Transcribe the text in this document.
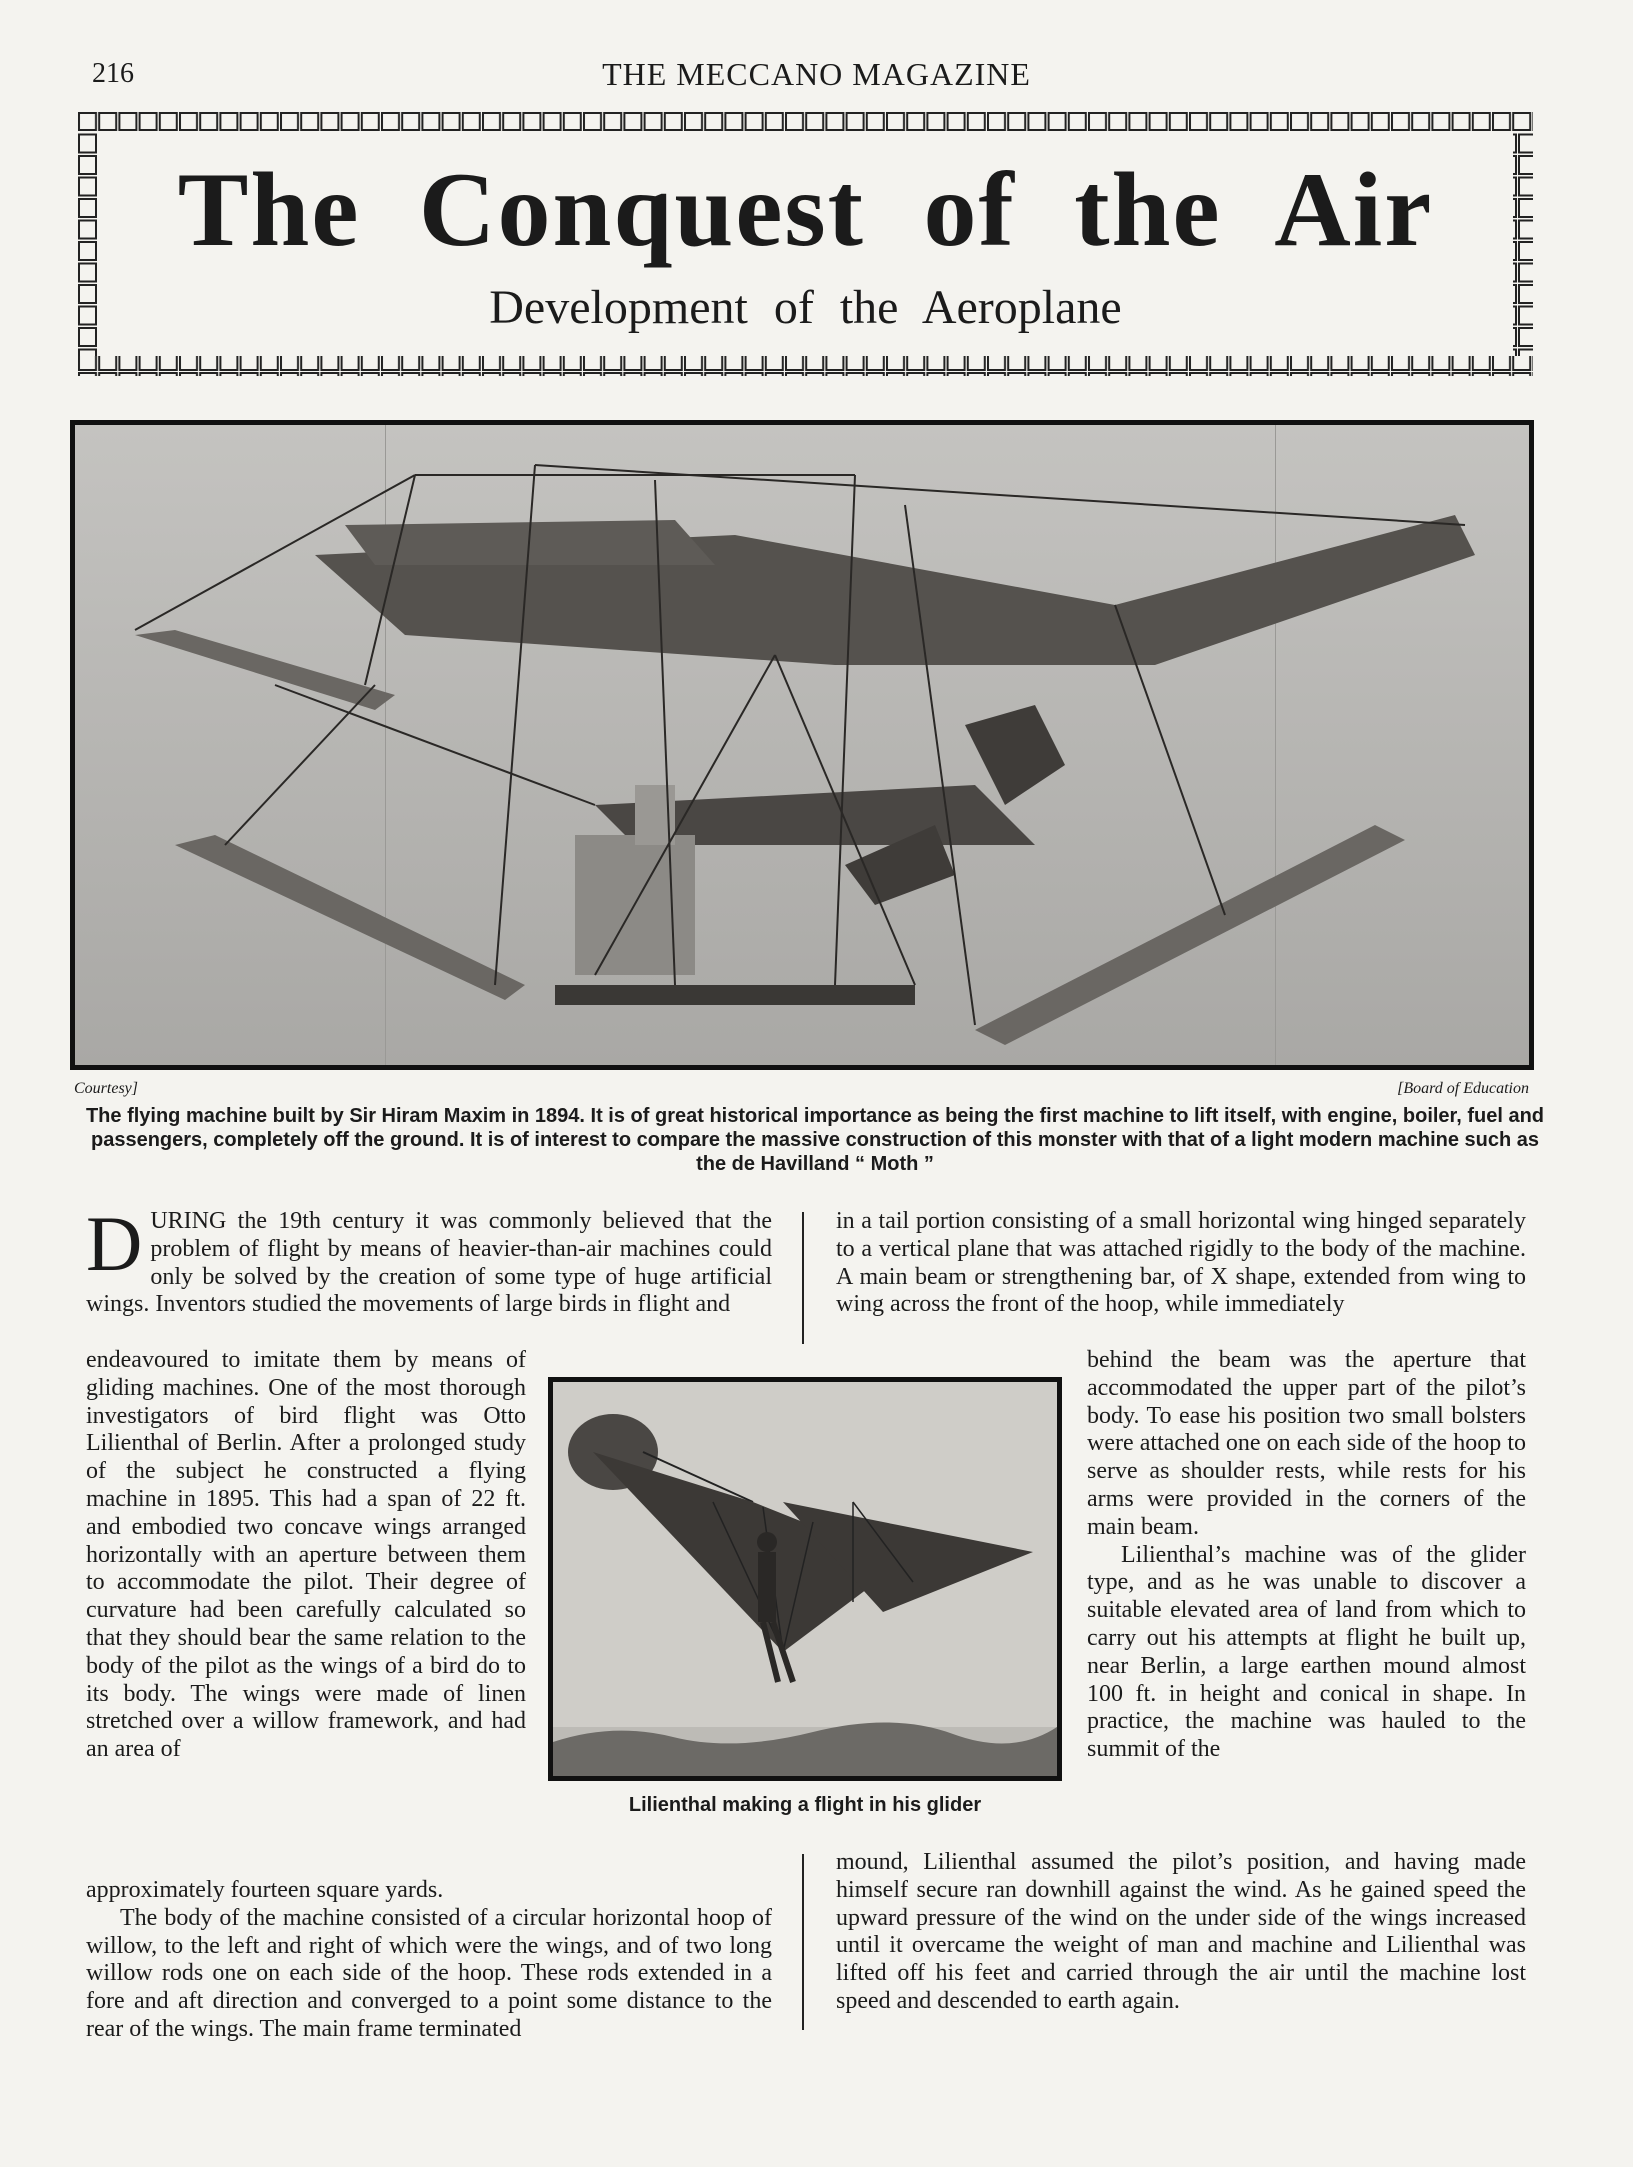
216	THE MECCANO MAGAZINE
The Conquest of the Air
Development of the Aeroplane
Courtesy]	[Board of Education
The flying machine built by Sir Hiram Maxim in 1894. It is of great historical importance as being the first machine to lift itself, with engine, boiler, fuel and passengers, completely off the ground. It is of interest to compare the massive construction of this monster with that of a light modern machine such as the de Havilland “ Moth ”

DURING the 19th century it was commonly believed that the problem of flight by means of heavier-than-air machines could only be solved by the creation of some type of huge artificial wings. Inventors studied the movements of large birds in flight and

in a tail portion consisting of a small horizontal wing hinged separately to a vertical plane that was attached rigidly to the body of the machine. A main beam or strengthening bar, of X shape, extended from wing to wing across the front of the hoop, while immediately

endeavoured to imitate them by means of gliding machines. One of the most thorough investigators of bird flight was Otto Lilienthal of Berlin. After a prolonged study of the subject he constructed a flying machine in 1895. This had a span of 22 ft. and embodied two concave wings arranged horizontally with an aperture between them to accommodate the pilot. Their degree of curvature had been carefully calculated so that they should bear the same relation to the body of the pilot as the wings of a bird do to its body. The wings were made of linen stretched over a willow framework, and had an area of

behind the beam was the aperture that accommodated the upper part of the pilot’s body. To ease his position two small bolsters were attached one on each side of the hoop to serve as shoulder rests, while rests for his arms were provided in the corners of the main beam.

Lilienthal’s machine was of the glider type, and as he was unable to discover a suitable elevated area of land from which to carry out his attempts at flight he built up, near Berlin, a large earthen mound almost 100 ft. in height and conical in shape. In practice, the machine was hauled to the summit of the

Lilienthal making a flight in his glider

approximately fourteen square yards.

The body of the machine consisted of a circular horizontal hoop of willow, to the left and right of which were the wings, and of two long willow rods one on each side of the hoop. These rods extended in a fore and aft direction and converged to a point some distance to the rear of the wings. The main frame terminated

mound, Lilienthal assumed the pilot’s position, and having made himself secure ran downhill against the wind. As he gained speed the upward pressure of the wind on the under side of the wings increased until it overcame the weight of man and machine and Lilienthal was lifted off his feet and carried through the air until the machine lost speed and descended to earth again.
